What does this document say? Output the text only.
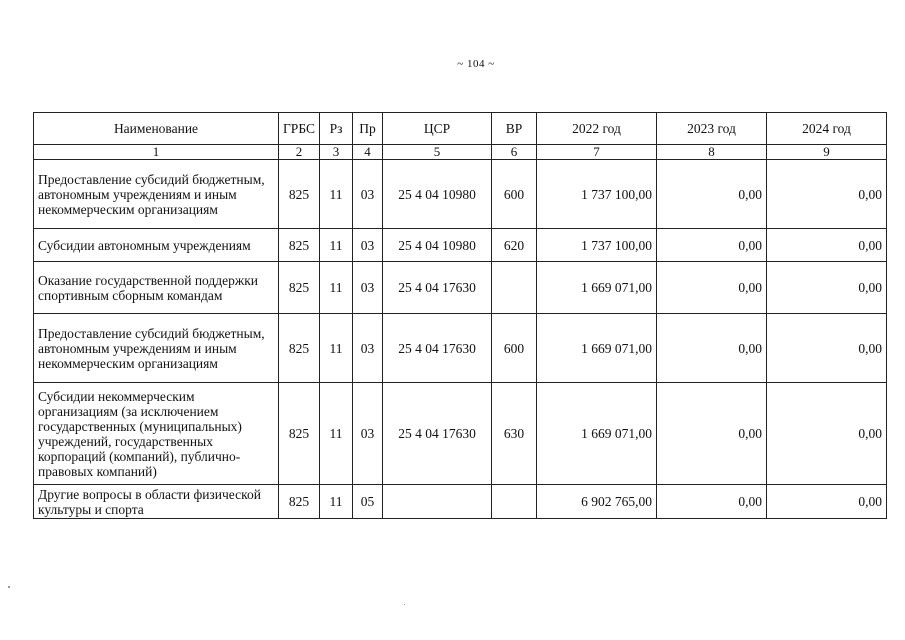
~ 104 ~
Наименование	ГРБС	Рз	Пр	ЦСР	ВР	2022 год	2023 год	2024 год
1	2	3	4	5	6	7	8	9
Предоставление субсидий бюджетным, автономным учреждениям и иным некоммерческим организациям	825	11	03	25 4 04 10980	600	1 737 100,00	0,00	0,00
Субсидии автономным учреждениям	825	11	03	25 4 04 10980	620	1 737 100,00	0,00	0,00
Оказание государственной поддержки спортивным сборным командам	825	11	03	25 4 04 17630		1 669 071,00	0,00	0,00
Предоставление субсидий бюджетным, автономным учреждениям и иным некоммерческим организациям	825	11	03	25 4 04 17630	600	1 669 071,00	0,00	0,00
Субсидии некоммерческим организациям (за исключением государственных (муниципальных) учреждений, государственных корпораций (компаний), публично-правовых компаний)	825	11	03	25 4 04 17630	630	1 669 071,00	0,00	0,00
Другие вопросы в области физической культуры и спорта	825	11	05			6 902 765,00	0,00	0,00
